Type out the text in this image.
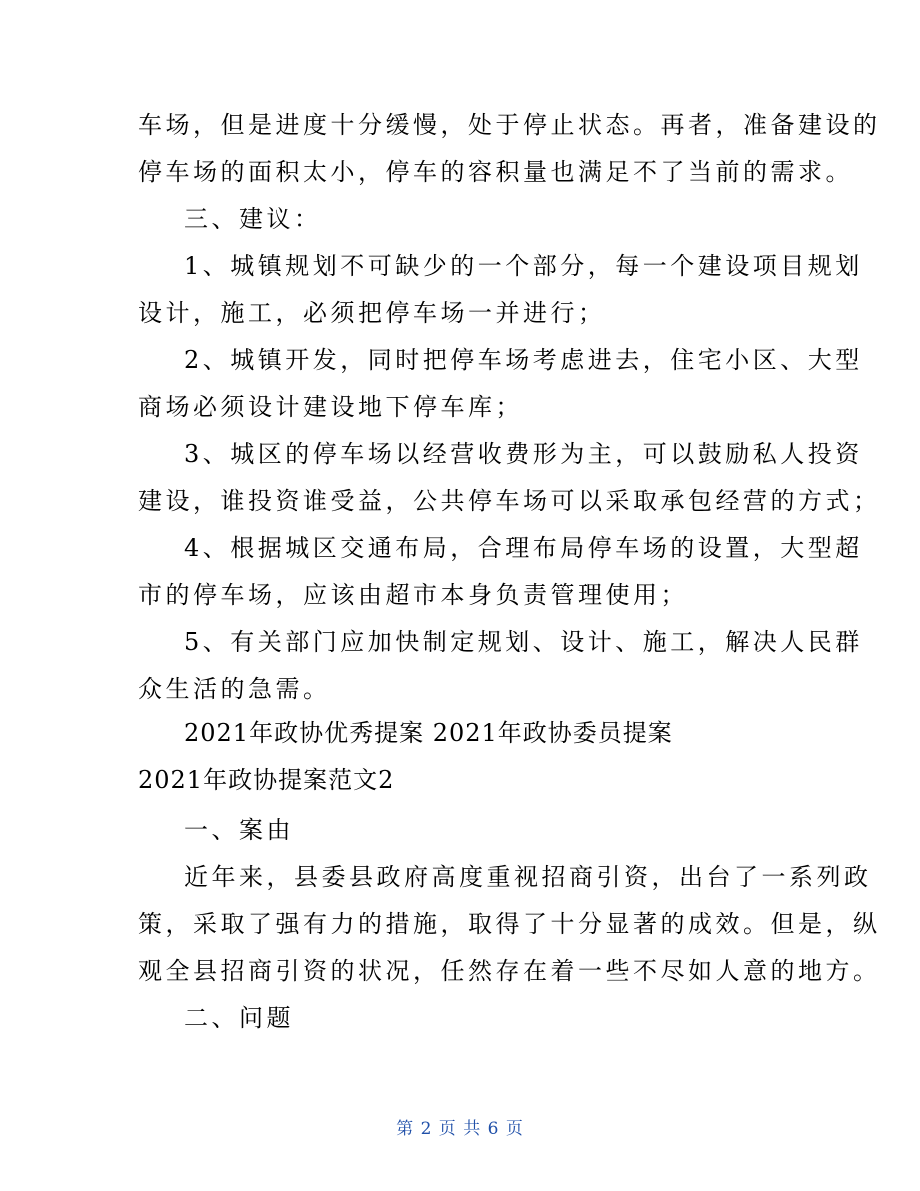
车场，但是进度十分缓慢，处于停止状态。再者，准备建设的
停车场的面积太小，停车的容积量也满足不了当前的需求。
三、建议：
1、城镇规划不可缺少的一个部分，每一个建设项目规划
设计，施工，必须把停车场一并进行；
2、城镇开发，同时把停车场考虑进去，住宅小区、大型
商场必须设计建设地下停车库；
3、城区的停车场以经营收费形为主，可以鼓励私人投资
建设，谁投资谁受益，公共停车场可以采取承包经营的方式；
4、根据城区交通布局，合理布局停车场的设置，大型超
市的停车场，应该由超市本身负责管理使用；
5、有关部门应加快制定规划、设计、施工，解决人民群
众生活的急需。
2021年政协优秀提案 2021年政协委员提案
2021年政协提案范文2
一、案由
近年来，县委县政府高度重视招商引资，出台了一系列政
策，采取了强有力的措施，取得了十分显著的成效。但是，纵
观全县招商引资的状况，任然存在着一些不尽如人意的地方。
二、问题
第 2 页 共 6 页
